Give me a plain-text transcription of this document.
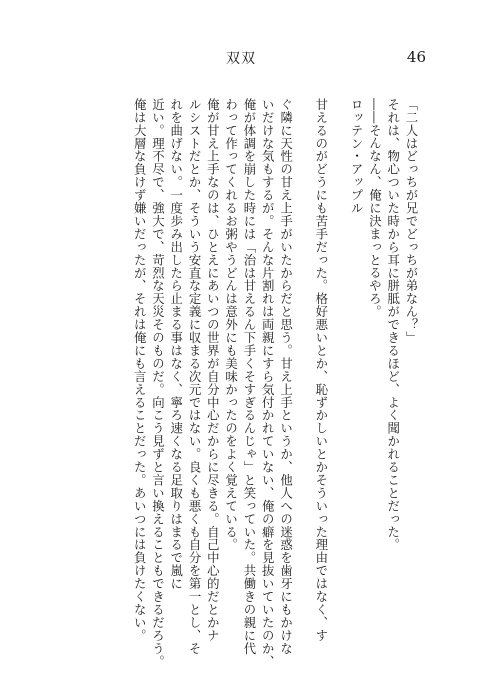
双双	46
「二人はどっちが兄でどっちが弟なん？」
それは、物心ついた時から耳に胼胝ができるほど、よく聞かれることだった。
――そんなん、俺に決まっとるやろ。
ロッテン・アップル
甘えるのがどうにも苦手だった。格好悪いとか、恥ずかしいとかそういった理由ではなく、す
ぐ隣に天性の甘え上手がいたからだと思う。甘え上手というか、他人への迷惑を歯牙にもかけな
いだけな気もするが。そんな片割れは両親にすら気付かれていない、俺の癖を見抜いていたのか、
俺が体調を崩した時には「治は甘えるん下手くそすぎるんじゃ」と笑っていた。共働きの親に代
わって作ってくれるお粥やうどんは意外にも美味かったのをよく覚えている。
俺が甘え上手なのは、ひとえにあいつの世界が自分中心だからに尽きる。自己中心的だとかナ
ルシストだとか、そういう安直な定義に収まる次元ではない。良くも悪くも自分を第一とし、そ
れを曲げない。一度歩み出したら止まる事はなく、寧ろ速くなる足取りはまるで嵐に
近い。理不尽で、強大で、苛烈な天災そのものだ。向こう見ずと言い換えることもできるだろう。
俺は大層な負けず嫌いだったが、それは俺にも言えることだった。あいつには負けたくない。
